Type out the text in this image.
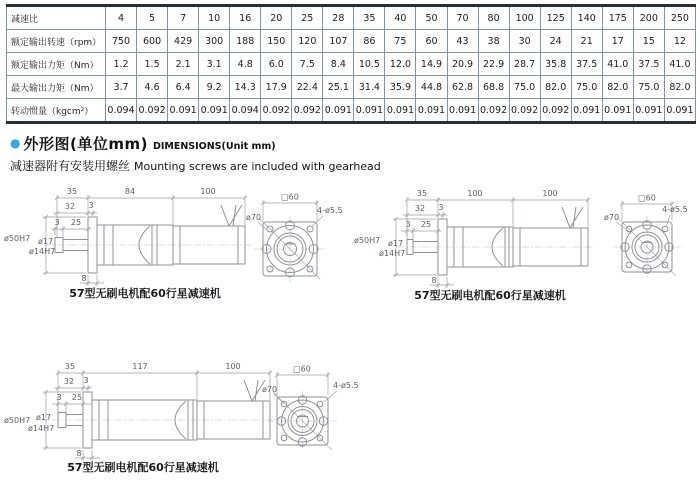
减速比	4	5	7	10	16	20	25	28	35	40	50	70	80	100	125	140	175	200	250
额定输出转速（rpm）	750	600	429	300	188	150	120	107	86	75	60	43	38	30	24	21	17	15	12
额定输出力矩（Nm）	1.2	1.5	2.1	3.1	4.8	6.0	7.5	8.4	10.5	12.0	14.9	20.9	22.9	28.7	35.8	37.5	41.0	37.5	41.0
最大输出力矩（Nm）	3.7	4.6	6.4	9.2	14.3	17.9	22.4	25.1	31.4	35.9	44.8	62.8	68.8	75.0	82.0	75.0	82.0	75.0	82.0
转动惯量（kgcm²）	0.094	0.092	0.091	0.091	0.094	0.092	0.092	0.091	0.091	0.091	0.091	0.091	0.092	0.092	0.092	0.091	0.091	0.091	0.091
● 外形图(单位mm) DIMENSIONS(Unit mm)
减速器附有安装用螺丝 Mounting screws are included with gearhead
35	84	100
32 3
3 25
ø50H7 ø17
ø14H7
8
57型无刷电机配60行星减速机
□60
ø70
4-ø5.5
35	100	100
32 3
3 25
ø50H7 ø17
ø14H7
8
57型无刷电机配60行星减速机
□60
ø70
4-ø5.5
35	117	100
32 3
3 25
ø50H7 ø17
ø14H7
8
57型无刷电机配60行星减速机
□60
ø70	4-ø5.5
